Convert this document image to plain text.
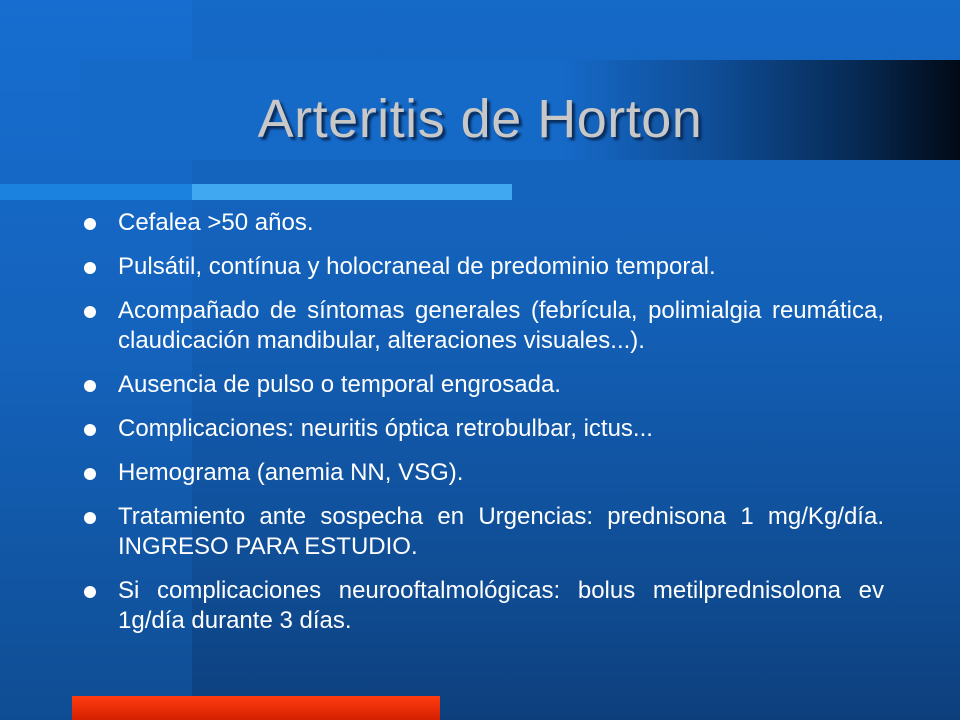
Arteritis de Horton
Cefalea >50 años.
Pulsátil, contínua y holocraneal de predominio temporal.
Acompañado de síntomas generales (febrícula, polimialgia reumática, claudicación mandibular, alteraciones visuales...).
Ausencia de pulso o temporal engrosada.
Complicaciones: neuritis óptica retrobulbar, ictus...
Hemograma (anemia NN, VSG).
Tratamiento ante sospecha en Urgencias: prednisona 1 mg/Kg/día. INGRESO PARA ESTUDIO.
Si complicaciones neurooftalmológicas: bolus metilprednisolona ev 1g/día durante 3 días.
